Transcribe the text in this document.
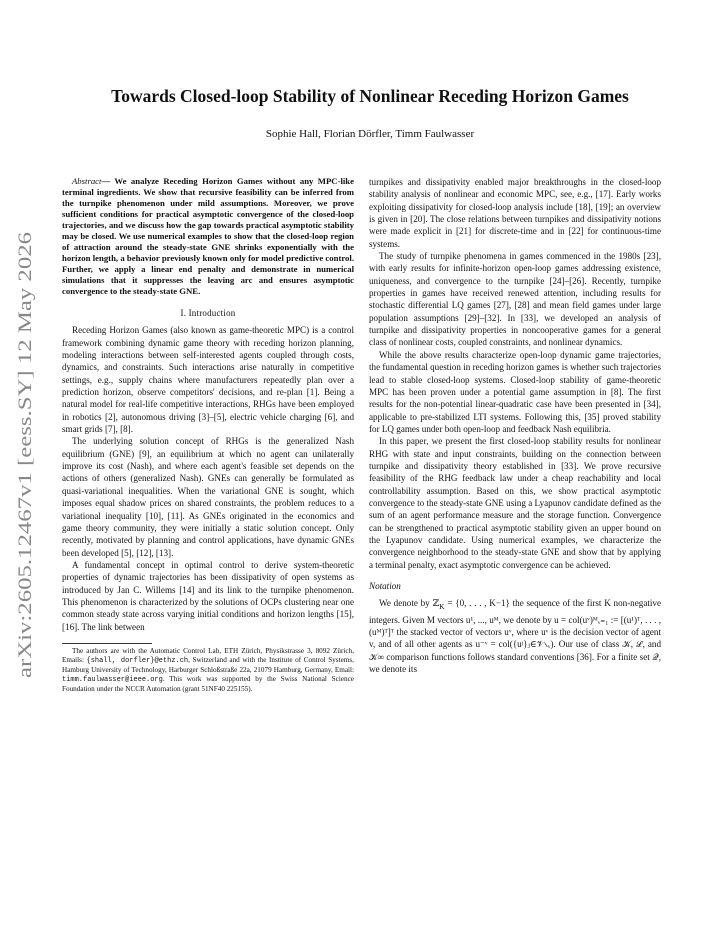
arXiv:2605.12467v1 [eess.SY] 12 May 2026
Towards Closed-loop Stability of Nonlinear Receding Horizon Games
Sophie Hall, Florian Dörfler, Timm Faulwasser

Abstract— We analyze Receding Horizon Games without any MPC-like terminal ingredients. We show that recursive feasibility can be inferred from the turnpike phenomenon under mild assumptions. Moreover, we prove sufficient conditions for practical asymptotic convergence of the closed-loop trajectories, and we discuss how the gap towards practical asymptotic stability may be closed. We use numerical examples to show that the closed-loop region of attraction around the steady-state GNE shrinks exponentially with the horizon length, a behavior previously known only for model predictive control. Further, we apply a linear end penalty and demonstrate in numerical simulations that it suppresses the leaving arc and ensures asymptotic convergence to the steady-state GNE.

I. Introduction

Receding Horizon Games (also known as game-theoretic MPC) is a control framework combining dynamic game theory with receding horizon planning, modeling interactions between self-interested agents coupled through costs, dynamics, and constraints. Such interactions arise naturally in competitive settings, e.g., supply chains where manufacturers repeatedly plan over a prediction horizon, observe competitors' decisions, and re-plan [1]. Being a natural model for real-life competitive interactions, RHGs have been employed in robotics [2], autonomous driving [3]–[5], electric vehicle charging [6], and smart grids [7], [8].

The underlying solution concept of RHGs is the generalized Nash equilibrium (GNE) [9], an equilibrium at which no agent can unilaterally improve its cost (Nash), and where each agent's feasible set depends on the actions of others (generalized Nash). GNEs can generally be formulated as quasi-variational inequalities. When the variational GNE is sought, which imposes equal shadow prices on shared constraints, the problem reduces to a variational inequality [10], [11]. As GNEs originated in the economics and game theory community, they were initially a static solution concept. Only recently, motivated by planning and control applications, have dynamic GNEs been developed [5], [12], [13].

A fundamental concept in optimal control to derive system-theoretic properties of dynamic trajectories has been dissipativity of open systems as introduced by Jan C. Willems [14] and its link to the turnpike phenomenon. This phenomenon is characterized by the solutions of OCPs clustering near one common steady state across varying initial conditions and horizon lengths [15], [16]. The link between

The authors are with the Automatic Control Lab, ETH Zürich, Physikstrasse 3, 8092 Zürich, Emails: {shall, dorfler}@ethz.ch, Switzerland and with the Institute of Control Systems, Hamburg University of Technology, Harburger Schloßstraße 22a, 21079 Hamburg, Germany, Email: timm.faulwasser@ieee.org. This work was supported by the Swiss National Science Foundation under the NCCR Automation (grant 51NF40 225155).

turnpikes and dissipativity enabled major breakthroughs in the closed-loop stability analysis of nonlinear and economic MPC, see, e.g., [17]. Early works exploiting dissipativity for closed-loop analysis include [18], [19]; an overview is given in [20]. The close relations between turnpikes and dissipativity notions were made explicit in [21] for discrete-time and in [22] for continuous-time systems.

The study of turnpike phenomena in games commenced in the 1980s [23], with early results for infinite-horizon open-loop games addressing existence, uniqueness, and convergence to the turnpike [24]–[26]. Recently, turnpike properties in games have received renewed attention, including results for stochastic differential LQ games [27], [28] and mean field games under large population assumptions [29]–[32]. In [33], we developed an analysis of turnpike and dissipativity properties in noncooperative games for a general class of nonlinear costs, coupled constraints, and nonlinear dynamics.

While the above results characterize open-loop dynamic game trajectories, the fundamental question in receding horizon games is whether such trajectories lead to stable closed-loop systems. Closed-loop stability of game-theoretic MPC has been proven under a potential game assumption in [8]. The first results for the non-potential linear-quadratic case have been presented in [34], applicable to pre-stabilized LTI systems. Following this, [35] proved stability for LQ games under both open-loop and feedback Nash equilibria.

In this paper, we present the first closed-loop stability results for nonlinear RHG with state and input constraints, building on the connection between turnpike and dissipativity theory established in [33]. We prove recursive feasibility of the RHG feedback law under a cheap reachability and local controllability assumption. Based on this, we show practical asymptotic convergence to the steady-state GNE using a Lyapunov candidate defined as the sum of an agent performance measure and the storage function. Convergence can be strengthened to practical asymptotic stability given an upper bound on the Lyapunov candidate. Using numerical examples, we characterize the convergence neighborhood to the steady-state GNE and show that by applying a terminal penalty, exact asymptotic convergence can be achieved.

Notation

We denote by ℤ$_K$ = {0, . . . , K−1} the sequence of the first K non-negative integers. Given M vectors u¹, ..., uᴹ, we denote by u = col(uᵛ)ᴹᵥ₌₁ := [(u¹)ᵀ, . . . , (uᴹ)ᵀ]ᵀ the stacked vector of vectors uᵛ, where uᵛ is the decision vector of agent v, and of all other agents as u⁻ᵛ = col({uʲ}ⱼ∈𝒱∖ᵥ). Our use of class 𝒦, ℒ, and 𝒦∞ comparison functions follows standard conventions [36]. For a finite set 𝒬, we denote its
